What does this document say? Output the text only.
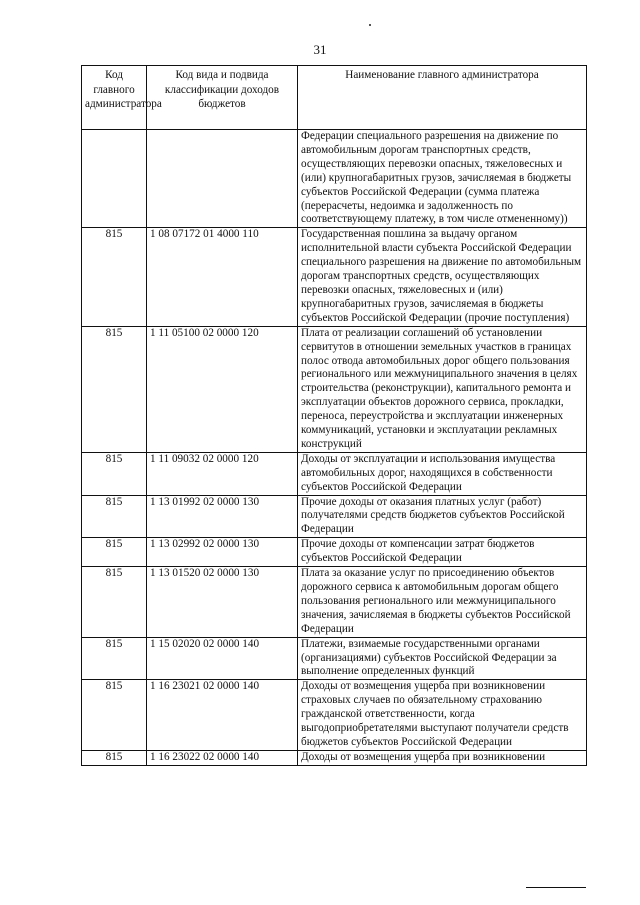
31
Код главного администратора	Код вида и подвида классификации доходов бюджетов	Наименование главного администратора
		Федерации специального разрешения на движение по автомобильным дорогам транспортных средств, осуществляющих перевозки опасных, тяжеловесных и (или) крупногабаритных грузов, зачисляемая в бюджеты субъектов Российской Федерации (сумма платежа (перерасчеты, недоимка и задолженность по соответствующему платежу, в том числе отмененному))
815	1 08 07172 01 4000 110	Государственная пошлина за выдачу органом исполнительной власти субъекта Российской Федерации специального разрешения на движение по автомобильным дорогам транспортных средств, осуществляющих перевозки опасных, тяжеловесных и (или) крупногабаритных грузов, зачисляемая в бюджеты субъектов Российской Федерации (прочие поступления)
815	1 11 05100 02 0000 120	Плата от реализации соглашений об установлении сервитутов в отношении земельных участков в границах полос отвода автомобильных дорог общего пользования регионального или межмуниципального значения в целях строительства (реконструкции), капитального ремонта и эксплуатации объектов дорожного сервиса, прокладки, переноса, переустройства и эксплуатации инженерных коммуникаций, установки и эксплуатации рекламных конструкций
815	1 11 09032 02 0000 120	Доходы от эксплуатации и использования имущества автомобильных дорог, находящихся в собственности субъектов Российской Федерации
815	1 13 01992 02 0000 130	Прочие доходы от оказания платных услуг (работ) получателями средств бюджетов субъектов Российской Федерации
815	1 13 02992 02 0000 130	Прочие доходы от компенсации затрат бюджетов субъектов Российской Федерации
815	1 13 01520 02 0000 130	Плата за оказание услуг по присоединению объектов дорожного сервиса к автомобильным дорогам общего пользования регионального или межмуниципального значения, зачисляемая в бюджеты субъектов Российской Федерации
815	1 15 02020 02 0000 140	Платежи, взимаемые государственными органами (организациями) субъектов Российской Федерации за выполнение определенных функций
815	1 16 23021 02 0000 140	Доходы от возмещения ущерба при возникновении страховых случаев по обязательному страхованию гражданской ответственности, когда выгодоприобретателями выступают получатели средств бюджетов субъектов Российской Федерации
815	1 16 23022 02 0000 140	Доходы от возмещения ущерба при возникновении
